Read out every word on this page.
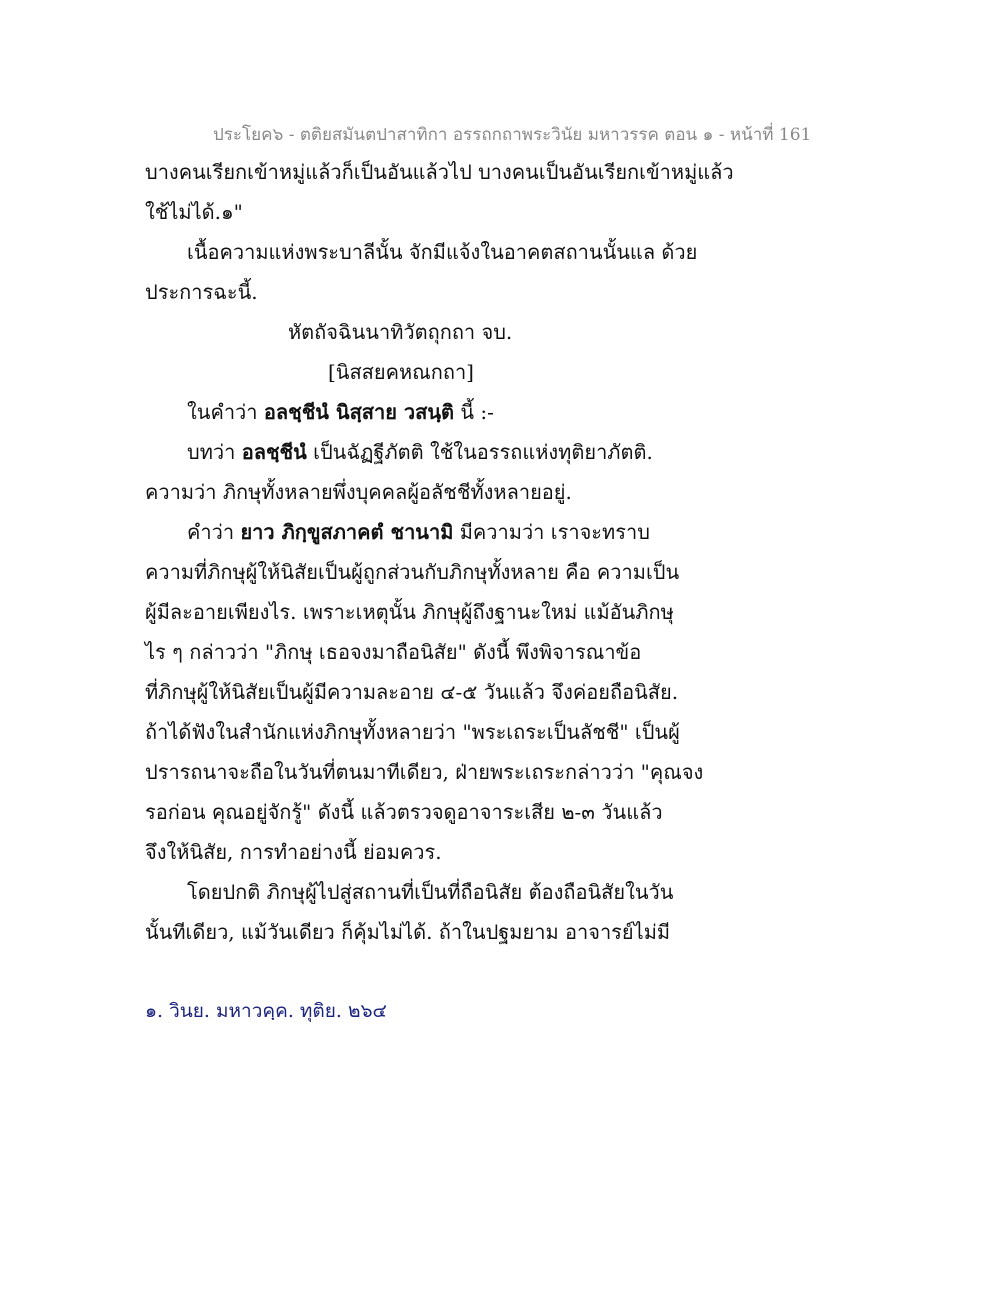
ประโยค๖ - ตติยสมันตปาสาทิกา อรรถกถาพระวินัย มหาวรรค ตอน ๑ - หน้าที่ 161
บางคนเรียกเข้าหมู่แล้วก็เป็นอันแล้วไป บางคนเป็นอันเรียกเข้าหมู่แล้ว
ใช้ไม่ได้.๑"
เนื้อความแห่งพระบาลีนั้น จักมีแจ้งในอาคตสถานนั้นแล ด้วย
ประการฉะนี้.
หัตถัจฉินนาทิวัตถุกถา จบ.
[นิสสยคหณกถา]
ในคำว่า อลชฺชีนํ นิสฺสาย วสนฺติ นี้ :-
บทว่า อลชฺชีนํ เป็นฉัฏฐีภัตติ ใช้ในอรรถแห่งทุติยาภัตติ.
ความว่า ภิกษุทั้งหลายพึ่งบุคคลผู้อลัชชีทั้งหลายอยู่.
คำว่า ยาว ภิกฺขูสภาคตํ ชานามิ มีความว่า เราจะทราบ
ความที่ภิกษุผู้ให้นิสัยเป็นผู้ถูกส่วนกับภิกษุทั้งหลาย คือ ความเป็น
ผู้มีละอายเพียงไร. เพราะเหตุนั้น ภิกษุผู้ถึงฐานะใหม่ แม้อันภิกษุ
ไร ๆ กล่าวว่า "ภิกษุ เธอจงมาถือนิสัย" ดังนี้ พึงพิจารณาข้อ
ที่ภิกษุผู้ให้นิสัยเป็นผู้มีความละอาย ๔-๕ วันแล้ว จึงค่อยถือนิสัย.
ถ้าได้ฟังในสำนักแห่งภิกษุทั้งหลายว่า "พระเถระเป็นลัชชี" เป็นผู้
ปรารถนาจะถือในวันที่ตนมาทีเดียว, ฝ่ายพระเถระกล่าวว่า "คุณจง
รอก่อน คุณอยู่จักรู้" ดังนี้ แล้วตรวจดูอาจาระเสีย ๒-๓ วันแล้ว
จึงให้นิสัย, การทำอย่างนี้ ย่อมควร.
โดยปกติ ภิกษุผู้ไปสู่สถานที่เป็นที่ถือนิสัย ต้องถือนิสัยในวัน
นั้นทีเดียว, แม้วันเดียว ก็คุ้มไม่ได้. ถ้าในปฐมยาม อาจารย์ไม่มี
๑. วินย. มหาวคฺค. ทุติย. ๒๖๔
